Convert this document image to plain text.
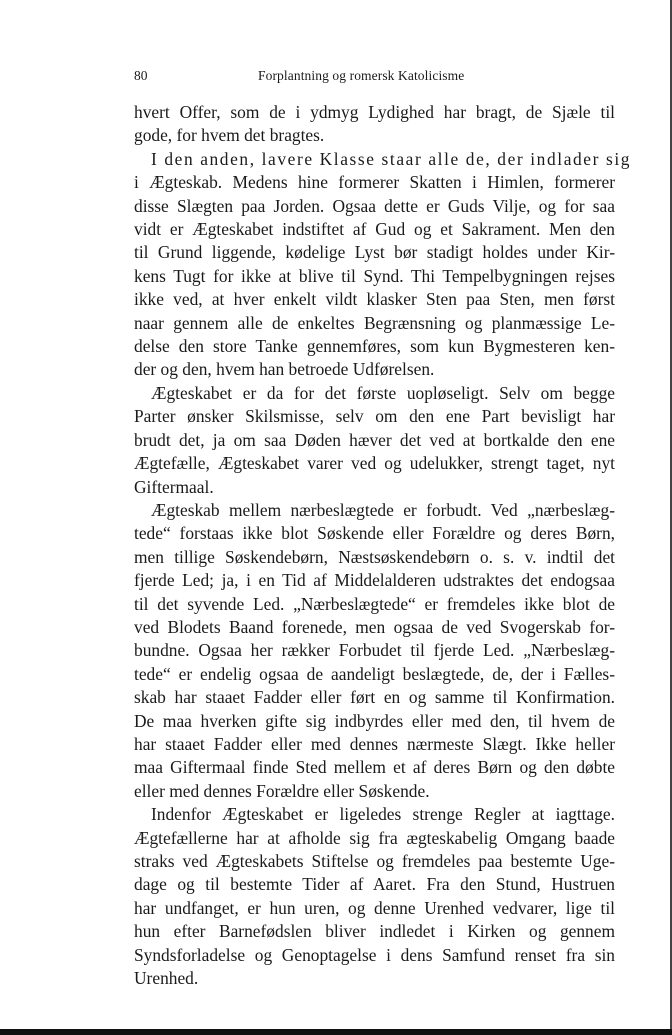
80	Forplantning og romersk Katolicisme

hvert Offer, som de i ydmyg Lydighed har bragt, de Sjæle til
gode, for hvem det bragtes.

I den anden, lavere Klasse staar alle de, der indlader sig
i Ægteskab. Medens hine formerer Skatten i Himlen, formerer
disse Slægten paa Jorden. Ogsaa dette er Guds Vilje, og for saa
vidt er Ægteskabet indstiftet af Gud og et Sakrament. Men den
til Grund liggende, kødelige Lyst bør stadigt holdes under Kir-
kens Tugt for ikke at blive til Synd. Thi Tempelbygningen rejses
ikke ved, at hver enkelt vildt klasker Sten paa Sten, men først
naar gennem alle de enkeltes Begrænsning og planmæssige Le-
delse den store Tanke gennemføres, som kun Bygmesteren ken-
der og den, hvem han betroede Udførelsen.

Ægteskabet er da for det første uopløseligt. Selv om begge
Parter ønsker Skilsmisse, selv om den ene Part bevisligt har
brudt det, ja om saa Døden hæver det ved at bortkalde den ene
Ægtefælle, Ægteskabet varer ved og udelukker, strengt taget, nyt
Giftermaal.

Ægteskab mellem nærbeslægtede er forbudt. Ved „nærbeslæg-
tede“ forstaas ikke blot Søskende eller Forældre og deres Børn,
men tillige Søskendebørn, Næstsøskendebørn o. s. v. indtil det
fjerde Led; ja, i en Tid af Middelalderen udstraktes det endogsaa
til det syvende Led. „Nærbeslægtede“ er fremdeles ikke blot de
ved Blodets Baand forenede, men ogsaa de ved Svogerskab for-
bundne. Ogsaa her rækker Forbudet til fjerde Led. „Nærbeslæg-
tede“ er endelig ogsaa de aandeligt beslægtede, de, der i Fælles-
skab har staaet Fadder eller ført en og samme til Konfirmation.
De maa hverken gifte sig indbyrdes eller med den, til hvem de
har staaet Fadder eller med dennes nærmeste Slægt. Ikke heller
maa Giftermaal finde Sted mellem et af deres Børn og den døbte
eller med dennes Forældre eller Søskende.

Indenfor Ægteskabet er ligeledes strenge Regler at iagttage.
Ægtefællerne har at afholde sig fra ægteskabelig Omgang baade
straks ved Ægteskabets Stiftelse og fremdeles paa bestemte Uge-
dage og til bestemte Tider af Aaret. Fra den Stund, Hustruen
har undfanget, er hun uren, og denne Urenhed vedvarer, lige til
hun efter Barnefødslen bliver indledet i Kirken og gennem
Syndsforladelse og Genoptagelse i dens Samfund renset fra sin
Urenhed.
